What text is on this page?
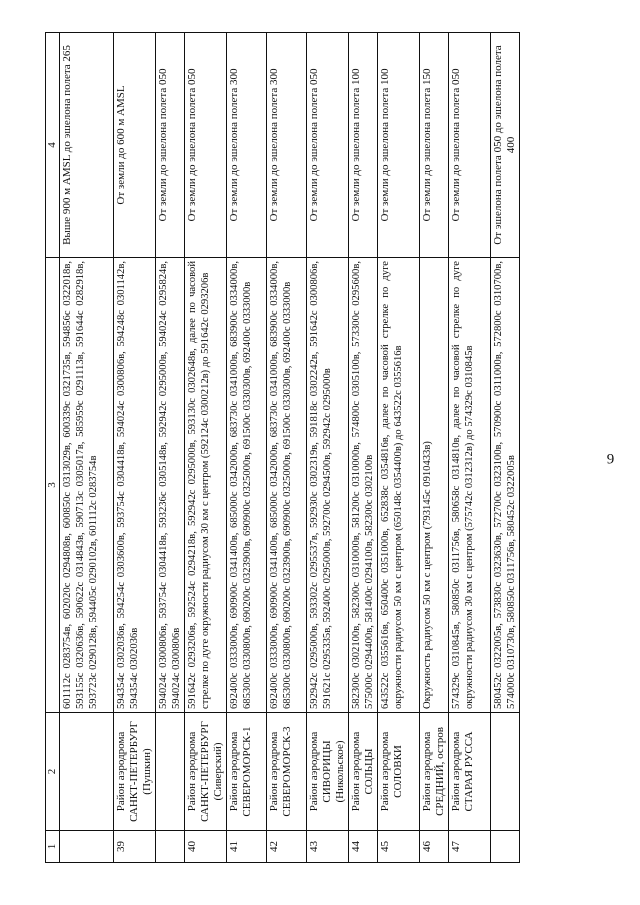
9
1	2	3	4
		601112с 0283754в, 602020с 0294808в, 600850с 0313029в, 600339с 0321735в, 594856с 0322018в, 593155с 0320636в, 590622с 0314843в, 590713с 0305017в, 585959с 0291113в, 591644с 0282918в, 593723с 0290128в, 594405с 0290102в, 601112с 0283754в	Выше 900 м AMSL до эшелона полета 265
39	Район аэродрома САНКТ-ПЕТЕРБУРГ (Пушкин)	594354с 0302036в, 594254с 0303600в, 593754с 0304418в, 594024с 0300806в, 594248с 0301142в, 594354с 0302036в	От земли до 600 м AMSL
		594024с 0300806в, 593754с 0304418в, 593236с 0305148в, 592942с 0295000в, 594024с 0295824в, 594024с 0300806в	От земли до эшелона полета 050
40	Район аэродрома САНКТ-ПЕТЕРБУРГ (Сиверский)	591642с 0293206в, 592524с 0294218в, 592942с 0295000в, 593130с 0302648в, далее по часовой стрелке по дуге окружности радиусом 30 км с центром (592124с 0300212в) до 591642с 0293206в	От земли до эшелона полета 050
41	Район аэродрома СЕВЕРОМОРСК-1	692400с 0333000в, 690900с 0341400в, 685000с 0342000в, 683730с 0341000в, 683900с 0334000в, 685300с 0330800в, 690200с 0323900в, 690900с 0325000в, 691500с 0330300в, 692400с 0333000в	От земли до эшелона полета 300
42	Район аэродрома СЕВЕРОМОРСК-3	692400с 0333000в, 690900с 0341400в, 685000с 0342000в, 683730с 0341000в, 683900с 0334000в, 685300с 0330800в, 690200с 0323900в, 690900с 0325000в, 691500с 0330300в, 692400с 0333000в	От земли до эшелона полета 300
43	Район аэродрома СИВОРИЦЫ (Никольское)	592942с 0295000в, 593302с 0295537в, 592930с 0302319в, 591818с 0302242в, 591642с 0300806в, 591621с 0295335в, 592400с 0295000в, 592700с 0294500в, 592942с 0295000в	От земли до эшелона полета 050
44	Район аэродрома СОЛЬЦЫ	582300с 0302100в, 582300с 0310000в, 581200с 0310000в, 574800с 0305100в, 573300с 0295600в, 575000с 0294400в, 581400с 0294100в, 582300с 0302100в	От земли до эшелона полета 100
45	Район аэродрома СОЛОВКИ	643522с 0355616в, 650400с 0351000в, 652838с 0354816в, далее по часовой стрелке по дуге окружности радиусом 50 км с центром (650148с 0354400в) до 643522с 0355616в	От земли до эшелона полета 100
46	Район аэродрома СРЕДНИЙ, остров	Окружность радиусом 50 км с центром (793145с 0910433в)	От земли до эшелона полета 150
47	Район аэродрома СТАРАЯ РУССА	574329с 0310845в, 580850с 0311756в, 580658с 0314810в, далее по часовой стрелке по дуге окружности радиусом 30 км с центром (575742с 0312312в) до 574329с 0310845в	От земли до эшелона полета 050
		580452с 0322005в, 573830с 0323630в, 572700с 0323100в, 570900с 0311000в, 572800с 0310700в, 574000с 0310730в, 580850с 0311756в, 580452с 0322005в	От эшелона полета 050 до эшелона полета 400
